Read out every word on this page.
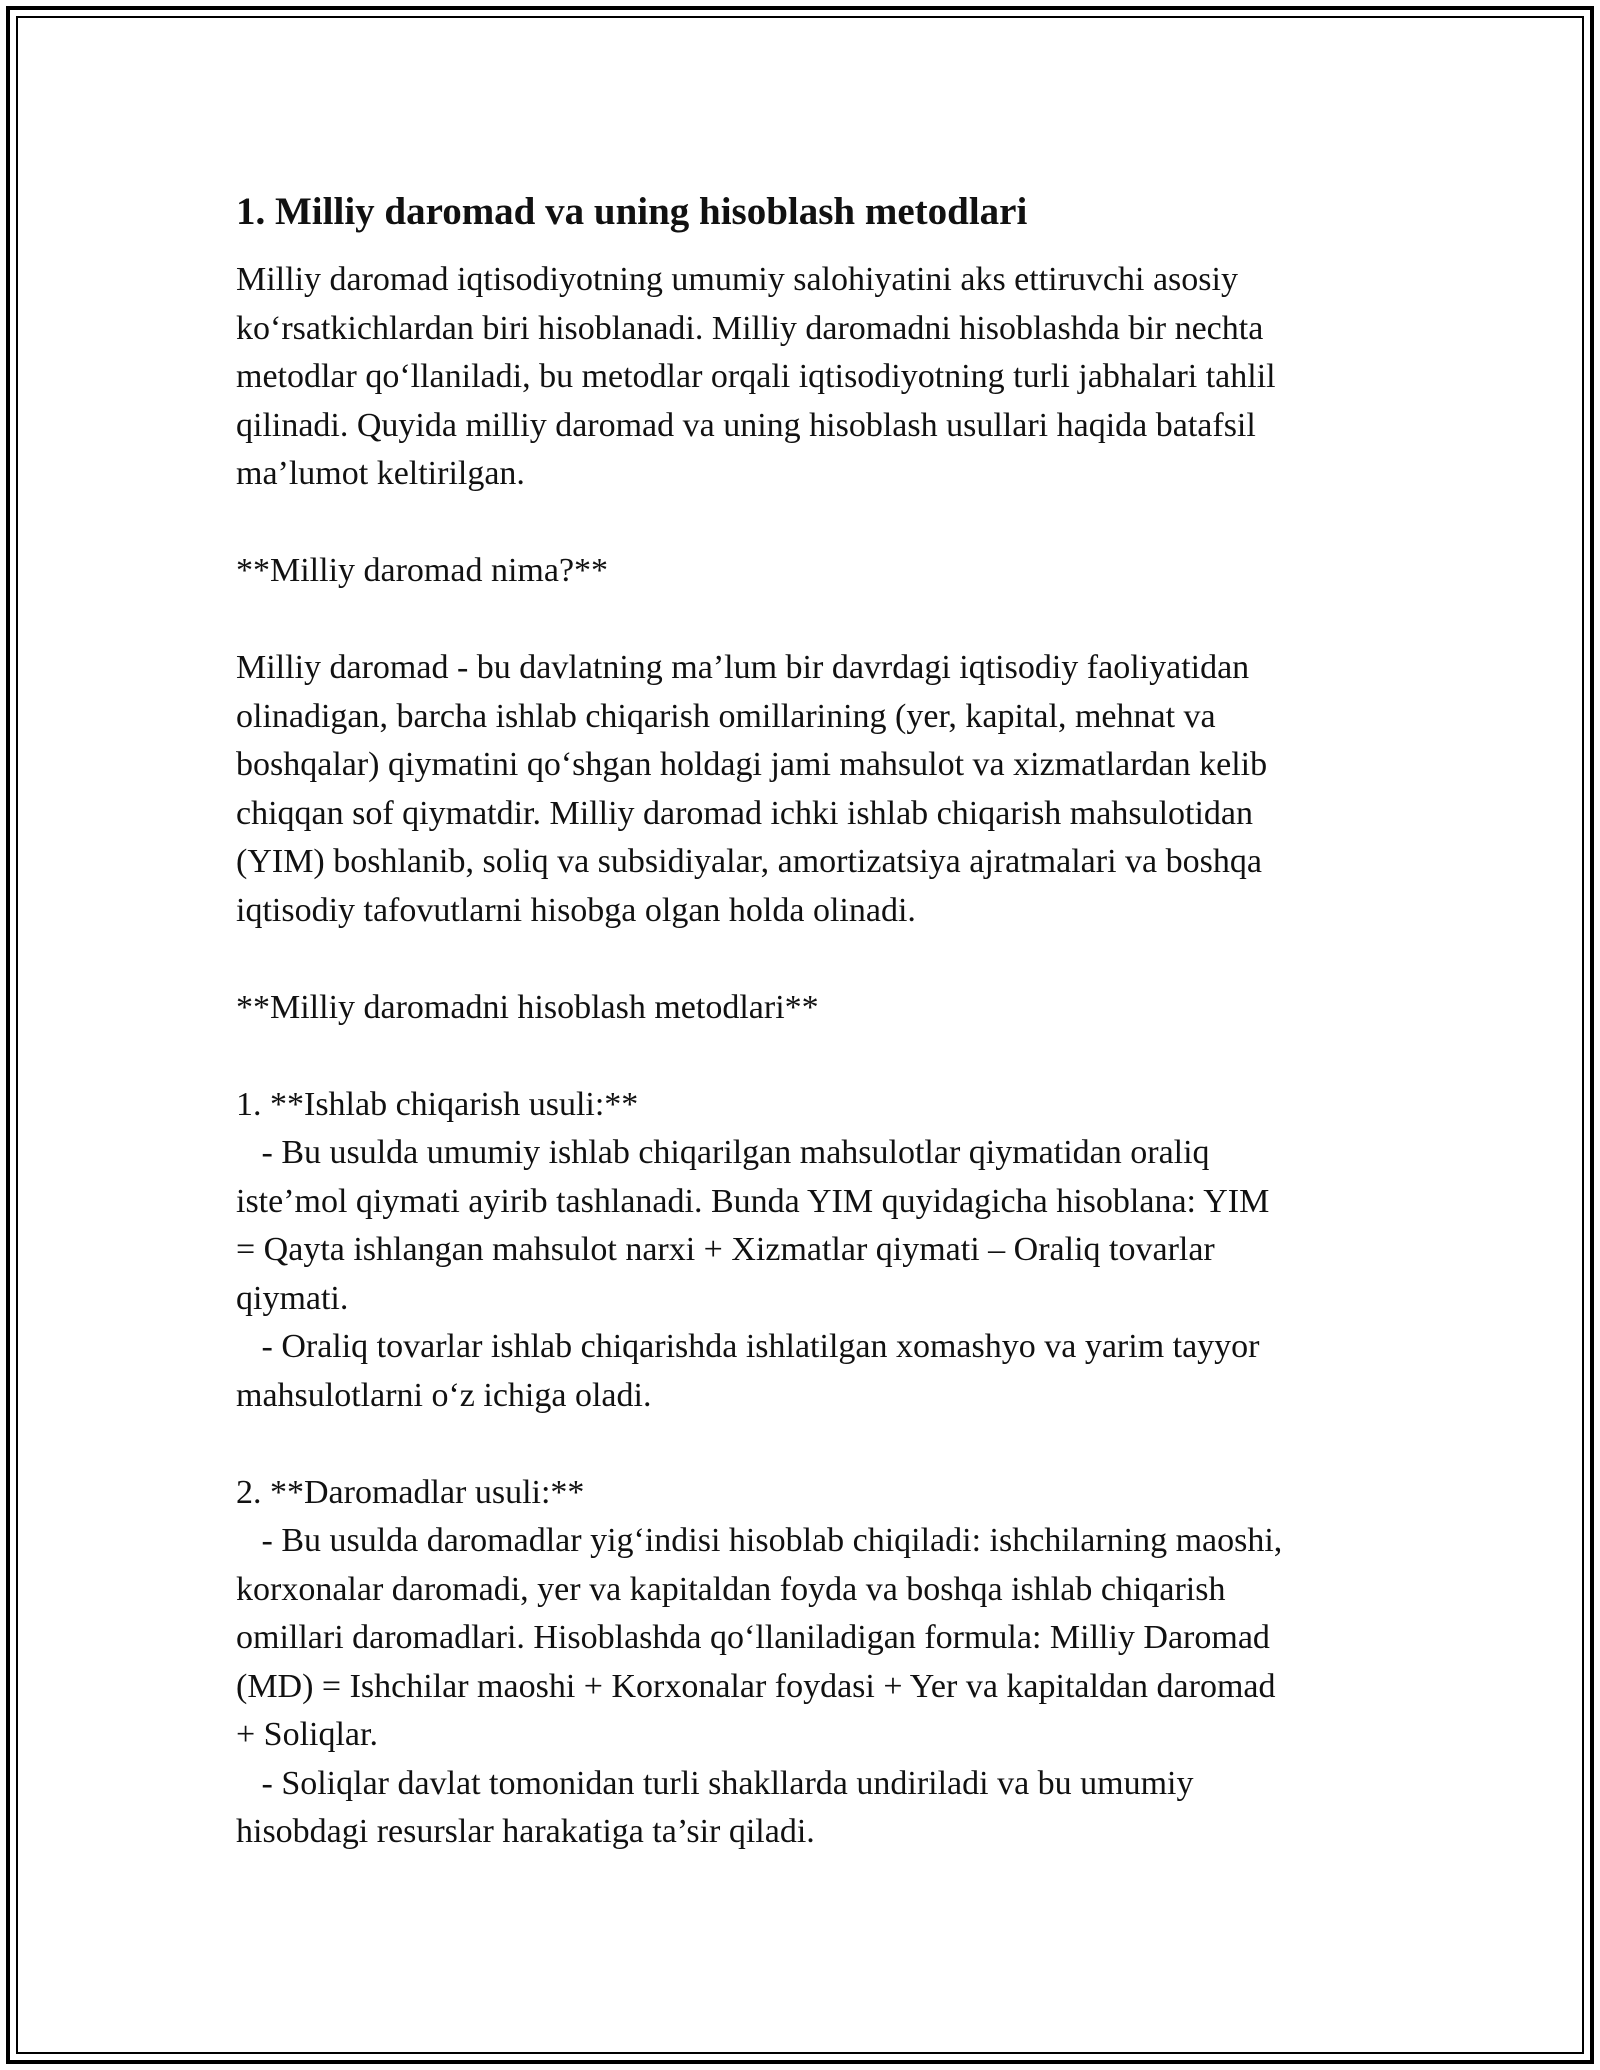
1. Milliy daromad va uning hisoblash metodlari

Milliy daromad iqtisodiyotning umumiy salohiyatini aks ettiruvchi asosiy
ko‘rsatkichlardan biri hisoblanadi. Milliy daromadni hisoblashda bir nechta
metodlar qo‘llaniladi, bu metodlar orqali iqtisodiyotning turli jabhalari tahlil
qilinadi. Quyida milliy daromad va uning hisoblash usullari haqida batafsil
ma’lumot keltirilgan.

**Milliy daromad nima?**

Milliy daromad - bu davlatning ma’lum bir davrdagi iqtisodiy faoliyatidan
olinadigan, barcha ishlab chiqarish omillarining (yer, kapital, mehnat va
boshqalar) qiymatini qo‘shgan holdagi jami mahsulot va xizmatlardan kelib
chiqqan sof qiymatdir. Milliy daromad ichki ishlab chiqarish mahsulotidan
(YIM) boshlanib, soliq va subsidiyalar, amortizatsiya ajratmalari va boshqa
iqtisodiy tafovutlarni hisobga olgan holda olinadi.

**Milliy daromadni hisoblash metodlari**

1. **Ishlab chiqarish usuli:**
- Bu usulda umumiy ishlab chiqarilgan mahsulotlar qiymatidan oraliq
iste’mol qiymati ayirib tashlanadi. Bunda YIM quyidagicha hisoblana: YIM
= Qayta ishlangan mahsulot narxi + Xizmatlar qiymati – Oraliq tovarlar
qiymati.
- Oraliq tovarlar ishlab chiqarishda ishlatilgan xomashyo va yarim tayyor
mahsulotlarni o‘z ichiga oladi.

2. **Daromadlar usuli:**
- Bu usulda daromadlar yig‘indisi hisoblab chiqiladi: ishchilarning maoshi,
korxonalar daromadi, yer va kapitaldan foyda va boshqa ishlab chiqarish
omillari daromadlari. Hisoblashda qo‘llaniladigan formula: Milliy Daromad
(MD) = Ishchilar maoshi + Korxonalar foydasi + Yer va kapitaldan daromad
+ Soliqlar.
- Soliqlar davlat tomonidan turli shakllarda undiriladi va bu umumiy
hisobdagi resurslar harakatiga ta’sir qiladi.
